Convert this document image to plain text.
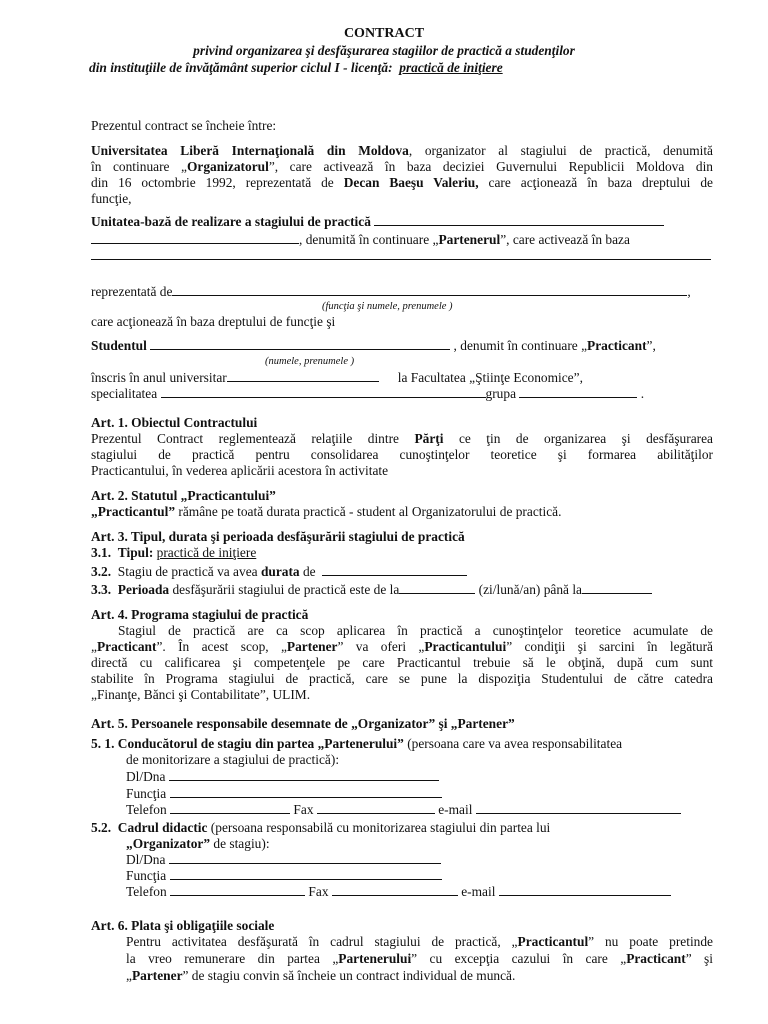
CONTRACT
privind organizarea şi desfăşurarea stagiilor de practică a studenţilor
din instituţiile de învăţământ superior ciclul I - licenţă: practică de iniţiere
Prezentul contract se încheie între:
Universitatea Liberă Internaţională din Moldova, organizator al stagiului de practică, denumită
în continuare „Organizatorul”, care activează în baza deciziei Guvernului Republicii Moldova din
din 16 octombrie 1992, reprezentată de Decan Baeşu Valeriu, care acţionează în baza dreptului de
funcţie,
Unitatea-bază de realizare a stagiului de practică
, denumită în continuare „Partenerul”, care activează în baza
reprezentată de	,
(funcţia şi numele, prenumele )
care acţionează în baza dreptului de funcţie şi
Studentul	, denumit în continuare „Practicant”,
(numele, prenumele )
înscris în anul universitar	la Facultatea „Ştiinţe Economice”,
specialitatea	grupa	.
Art. 1. Obiectul Contractului
Prezentul Contract reglementează relaţiile dintre Părţi ce ţin de organizarea şi desfăşurarea
stagiului de practică pentru consolidarea cunoştinţelor teoretice şi formarea abilităţilor
Practicantului, în vederea aplicării acestora în activitate
Art. 2. Statutul „Practicantului”
„Practicantul” rămâne pe toată durata practică - student al Organizatorului de practică.
Art. 3. Tipul, durata şi perioada desfăşurării stagiului de practică
3.1. Tipul: practică de iniţiere
3.2. Stagiu de practică va avea durata de
3.3. Perioada desfăşurării stagiului de practică este de la	(zi/lună/an) până la
Art. 4. Programa stagiului de practică
Stagiul de practică are ca scop aplicarea în practică a cunoştinţelor teoretice acumulate de
„Practicant”. În acest scop, „Partener” va oferi „Practicantului” condiţii şi sarcini în legătură
directă cu calificarea şi competenţele pe care Practicantul trebuie să le obţină, după cum sunt
stabilite în Programa stagiului de practică, care se pune la dispoziţia Studentului de către catedra
„Finanţe, Bănci şi Contabilitate”, ULIM.
Art. 5. Persoanele responsabile desemnate de „Organizator” şi „Partener”
5. 1. Conducătorul de stagiu din partea „Partenerului” (persoana care va avea responsabilitatea
de monitorizare a stagiului de practică):
Dl/Dna
Funcţia
Telefon	Fax	e-mail
5.2. Cadrul didactic (persoana responsabilă cu monitorizarea stagiului din partea lui
„Organizator” de stagiu):
Dl/Dna
Funcţia
Telefon	Fax	e-mail
Art. 6. Plata şi obligaţiile sociale
Pentru activitatea desfăşurată în cadrul stagiului de practică, „Practicantul” nu poate pretinde
la vreo remunerare din partea „Partenerului” cu excepţia cazului în care „Practicant” şi
„Partener” de stagiu convin să încheie un contract individual de muncă.
